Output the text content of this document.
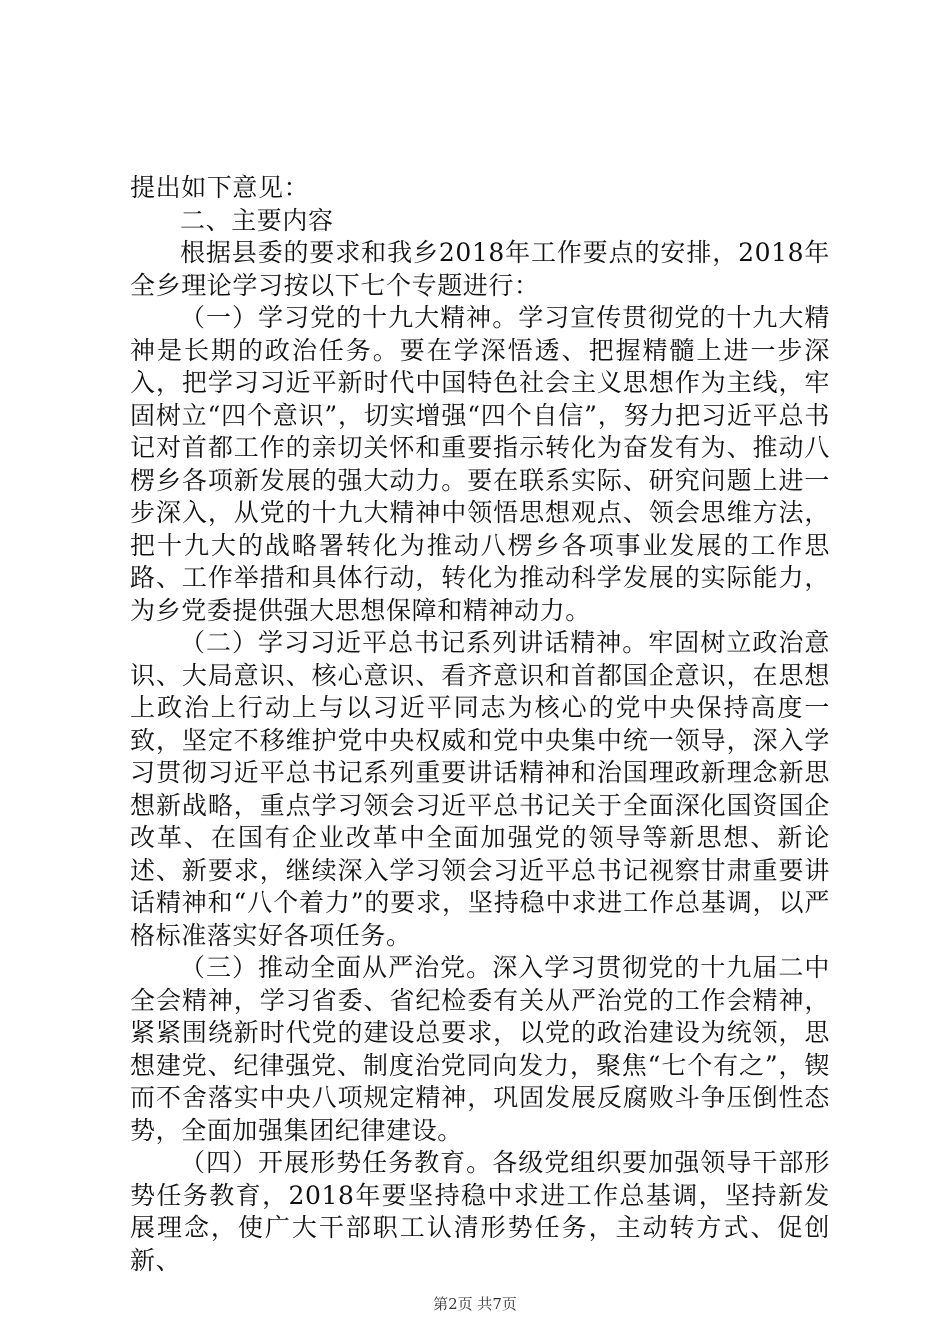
提出如下意见：

二、主要内容

根据县委的要求和我乡2018年工作要点的安排，2018年全乡理论学习按以下七个专题进行：

（一）学习党的十九大精神。学习宣传贯彻党的十九大精神是长期的政治任务。要在学深悟透、把握精髓上进一步深入，把学习习近平新时代中国特色社会主义思想作为主线，牢固树立“四个意识”，切实增强“四个自信”，努力把习近平总书记对首都工作的亲切关怀和重要指示转化为奋发有为、推动八楞乡各项新发展的强大动力。要在联系实际、研究问题上进一步深入，从党的十九大精神中领悟思想观点、领会思维方法，把十九大的战略署转化为推动八楞乡各项事业发展的工作思路、工作举措和具体行动，转化为推动科学发展的实际能力，为乡党委提供强大思想保障和精神动力。

（二）学习习近平总书记系列讲话精神。牢固树立政治意识、大局意识、核心意识、看齐意识和首都国企意识，在思想上政治上行动上与以习近平同志为核心的党中央保持高度一致，坚定不移维护党中央权威和党中央集中统一领导，深入学习贯彻习近平总书记系列重要讲话精神和治国理政新理念新思想新战略，重点学习领会习近平总书记关于全面深化国资国企改革、在国有企业改革中全面加强党的领导等新思想、新论述、新要求，继续深入学习领会习近平总书记视察甘肃重要讲话精神和“八个着力”的要求，坚持稳中求进工作总基调，以严格标准落实好各项任务。

（三）推动全面从严治党。深入学习贯彻党的十九届二中全会精神，学习省委、省纪检委有关从严治党的工作会精神，紧紧围绕新时代党的建设总要求，以党的政治建设为统领，思想建党、纪律强党、制度治党同向发力，聚焦“七个有之”，锲而不舍落实中央八项规定精神，巩固发展反腐败斗争压倒性态势，全面加强集团纪律建设。

（四）开展形势任务教育。各级党组织要加强领导干部形势任务教育，2018年要坚持稳中求进工作总基调，坚持新发展理念，使广大干部职工认清形势任务，主动转方式、促创新、

第2页 共7页
